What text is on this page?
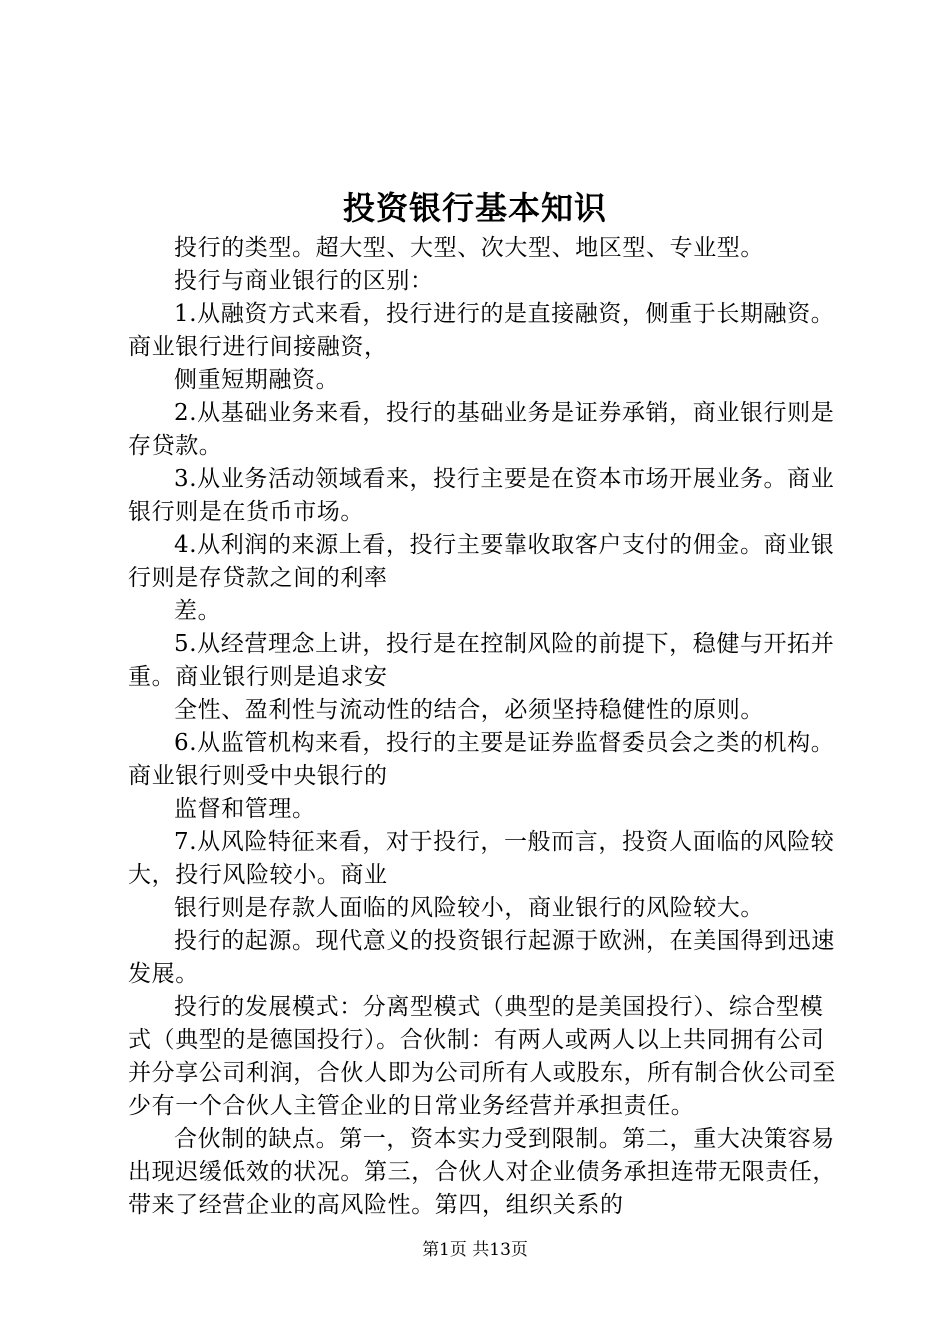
投资银行基本知识

投行的类型。超大型、大型、次大型、地区型、专业型。

投行与商业银行的区别：

1.从融资方式来看，投行进行的是直接融资，侧重于长期融资。商业银行进行间接融资，

侧重短期融资。

2.从基础业务来看，投行的基础业务是证券承销，商业银行则是存贷款。

3.从业务活动领域看来，投行主要是在资本市场开展业务。商业银行则是在货币市场。

4.从利润的来源上看，投行主要靠收取客户支付的佣金。商业银行则是存贷款之间的利率

差。

5.从经营理念上讲，投行是在控制风险的前提下，稳健与开拓并重。商业银行则是追求安

全性、盈利性与流动性的结合，必须坚持稳健性的原则。

6.从监管机构来看，投行的主要是证券监督委员会之类的机构。商业银行则受中央银行的

监督和管理。

7.从风险特征来看，对于投行，一般而言，投资人面临的风险较大，投行风险较小。商业

银行则是存款人面临的风险较小，商业银行的风险较大。

投行的起源。现代意义的投资银行起源于欧洲，在美国得到迅速发展。

投行的发展模式：分离型模式（典型的是美国投行）、综合型模式（典型的是德国投行）。合伙制：有两人或两人以上共同拥有公司并分享公司利润，合伙人即为公司所有人或股东，所有制合伙公司至少有一个合伙人主管企业的日常业务经营并承担责任。

合伙制的缺点。第一，资本实力受到限制。第二，重大决策容易出现迟缓低效的状况。第三，合伙人对企业债务承担连带无限责任，带来了经营企业的高风险性。第四，组织关系的

第1页 共13页
